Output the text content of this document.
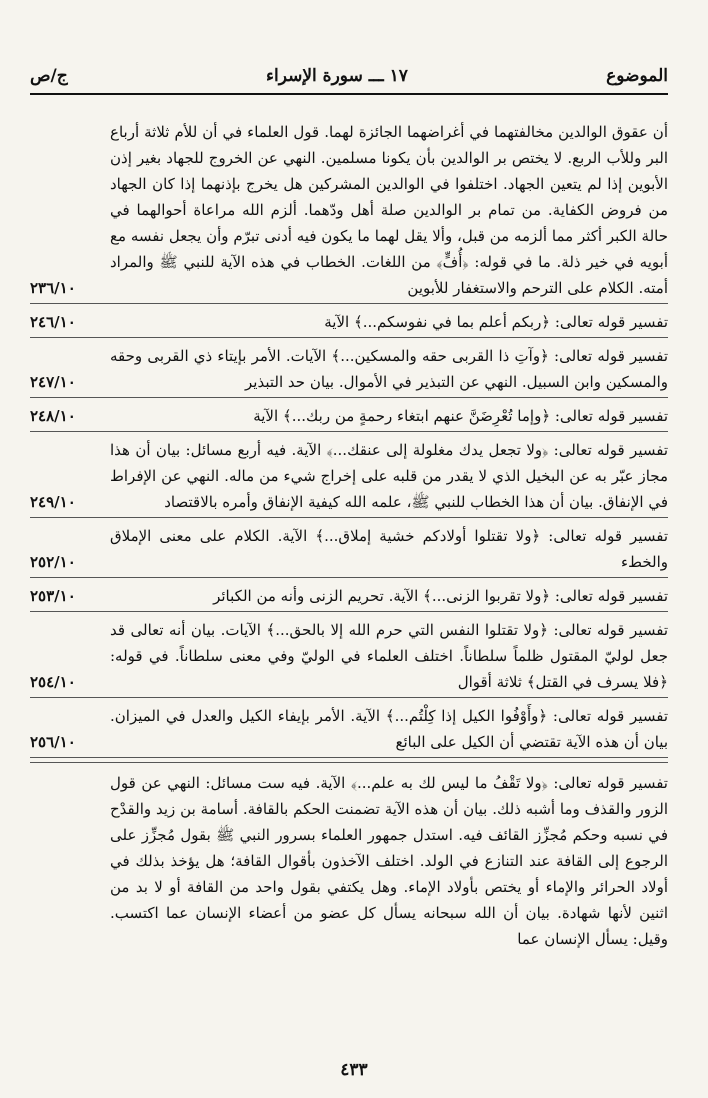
الموضوع
١٧ ـــ سورة الإسراء
ج/ص
أن عقوق الوالدين مخالفتهما في أغراضهما الجائزة لهما. قول العلماء في أن للأم ثلاثة أرباع البر وللأب الربع. لا يختص بر الوالدين بأن يكونا مسلمين. النهي عن الخروج للجهاد بغير إذن الأبوين إذا لم يتعين الجهاد. اختلفوا في الوالدين المشركين هل يخرج بإذنهما إذا كان الجهاد من فروض الكفاية. من تمام بر الوالدين صلة أهل ودّهما. ألزم الله مراعاة أحوالهما في حالة الكبر أكثر مما ألزمه من قبل، وألا يقل لهما ما يكون فيه أدنى تبرّم وأن يجعل نفسه مع أبويه في خير ذلة. ما في قوله: ﴿أُفٍّ﴾ من اللغات. الخطاب في هذه الآية للنبي ﷺ والمراد أمته. الكلام على الترحم والاستغفار للأبوين
٢٣٦/١٠
تفسير قوله تعالى: ﴿ربكم أعلم بما في نفوسكم...﴾ الآية
٢٤٦/١٠
تفسير قوله تعالى: ﴿وآتِ ذا القربى حقه والمسكين...﴾ الآيات. الأمر بإيتاء ذي القربى وحقه والمسكين وابن السبيل. النهي عن التبذير في الأموال. بيان حد التبذير
٢٤٧/١٠
تفسير قوله تعالى: ﴿وإما تُعْرِضَنَّ عنهم ابتغاء رحمةٍ من ربك...﴾ الآية
٢٤٨/١٠
تفسير قوله تعالى: ﴿ولا تجعل يدك مغلولة إلى عنقك...﴾ الآية. فيه أربع مسائل: بيان أن هذا مجاز عبّر به عن البخيل الذي لا يقدر من قلبه على إخراج شيء من ماله. النهي عن الإفراط في الإنفاق. بيان أن هذا الخطاب للنبي ﷺ، علمه الله كيفية الإنفاق وأمره بالاقتصاد
٢٤٩/١٠
تفسير قوله تعالى: ﴿ولا تقتلوا أولادكم خشية إملاق...﴾ الآية. الكلام على معنى الإملاق والخطء
٢٥٢/١٠
تفسير قوله تعالى: ﴿ولا تقربوا الزنى...﴾ الآية. تحريم الزنى وأنه من الكبائر
٢٥٣/١٠
تفسير قوله تعالى: ﴿ولا تقتلوا النفس التي حرم الله إلا بالحق...﴾ الآيات. بيان أنه تعالى قد جعل لوليّ المقتول ظلماً سلطاناً. اختلف العلماء في الوليّ وفي معنى سلطاناً. في قوله: ﴿فلا يسرف في القتل﴾ ثلاثة أقوال
٢٥٤/١٠
تفسير قوله تعالى: ﴿وأَوْفُوا الكيل إذا كِلْتُم...﴾ الآية. الأمر بإيفاء الكيل والعدل في الميزان. بيان أن هذه الآية تقتضي أن الكيل على البائع
٢٥٦/١٠
تفسير قوله تعالى: ﴿ولا تَقْفُ ما ليس لك به علم...﴾ الآية. فيه ست مسائل: النهي عن قول الزور والقذف وما أشبه ذلك. بيان أن هذه الآية تضمنت الحكم بالقافة. أسامة بن زيد والقدْح في نسبه وحكم مُجزِّز القائف فيه. استدل جمهور العلماء بسرور النبي ﷺ بقول مُجزِّز على الرجوع إلى القافة عند التنازع في الولد. اختلف الآخذون بأقوال القافة؛ هل يؤخذ بذلك في أولاد الحرائر والإماء أو يختص بأولاد الإماء. وهل يكتفي بقول واحد من القافة أو لا بد من اثنين لأنها شهادة. بيان أن الله سبحانه يسأل كل عضو من أعضاء الإنسان عما اكتسب. وقيل: يسأل الإنسان عما
٤٣٣
